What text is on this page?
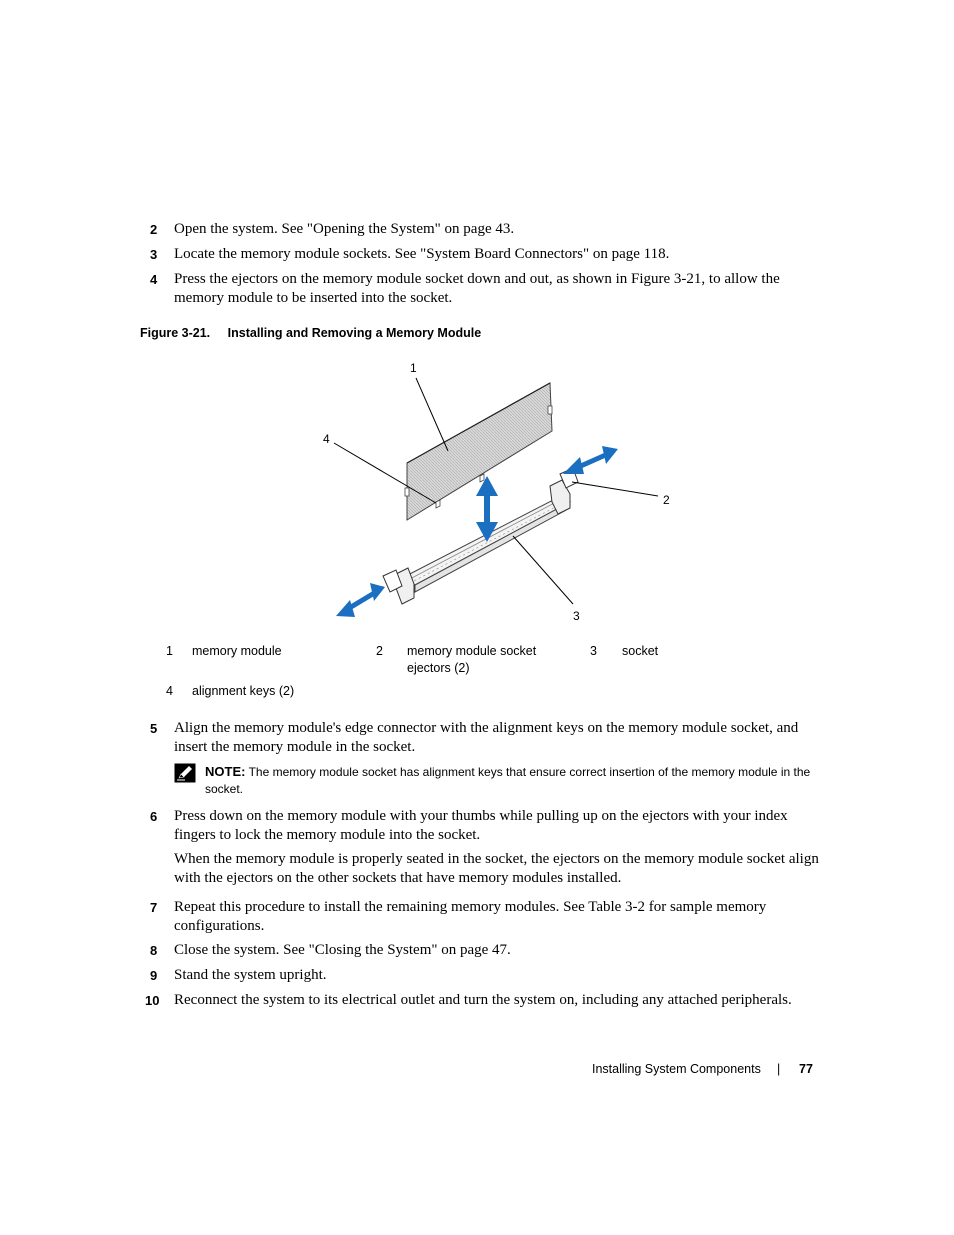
2 Open the system. See "Opening the System" on page 43.
3 Locate the memory module sockets. See "System Board Connectors" on page 118.
4 Press the ejectors on the memory module socket down and out, as shown in Figure 3-21, to allow the memory module to be inserted into the socket.
Figure 3-21. Installing and Removing a Memory Module
1
4
2
3
1 memory module	2 memory module socket ejectors (2)
3 socket
4 alignment keys (2)
5 Align the memory module's edge connector with the alignment keys on the memory module socket, and insert the memory module in the socket.
NOTE: The memory module socket has alignment keys that ensure correct insertion of the memory module in the socket.
6 Press down on the memory module with your thumbs while pulling up on the ejectors with your index fingers to lock the memory module into the socket.
When the memory module is properly seated in the socket, the ejectors on the memory module socket align with the ejectors on the other sockets that have memory modules installed.
7 Repeat this procedure to install the remaining memory modules. See Table 3-2 for sample memory configurations.
8 Close the system. See "Closing the System" on page 47.
9 Stand the system upright.
10 Reconnect the system to its electrical outlet and turn the system on, including any attached peripherals.
Installing System Components | 77
